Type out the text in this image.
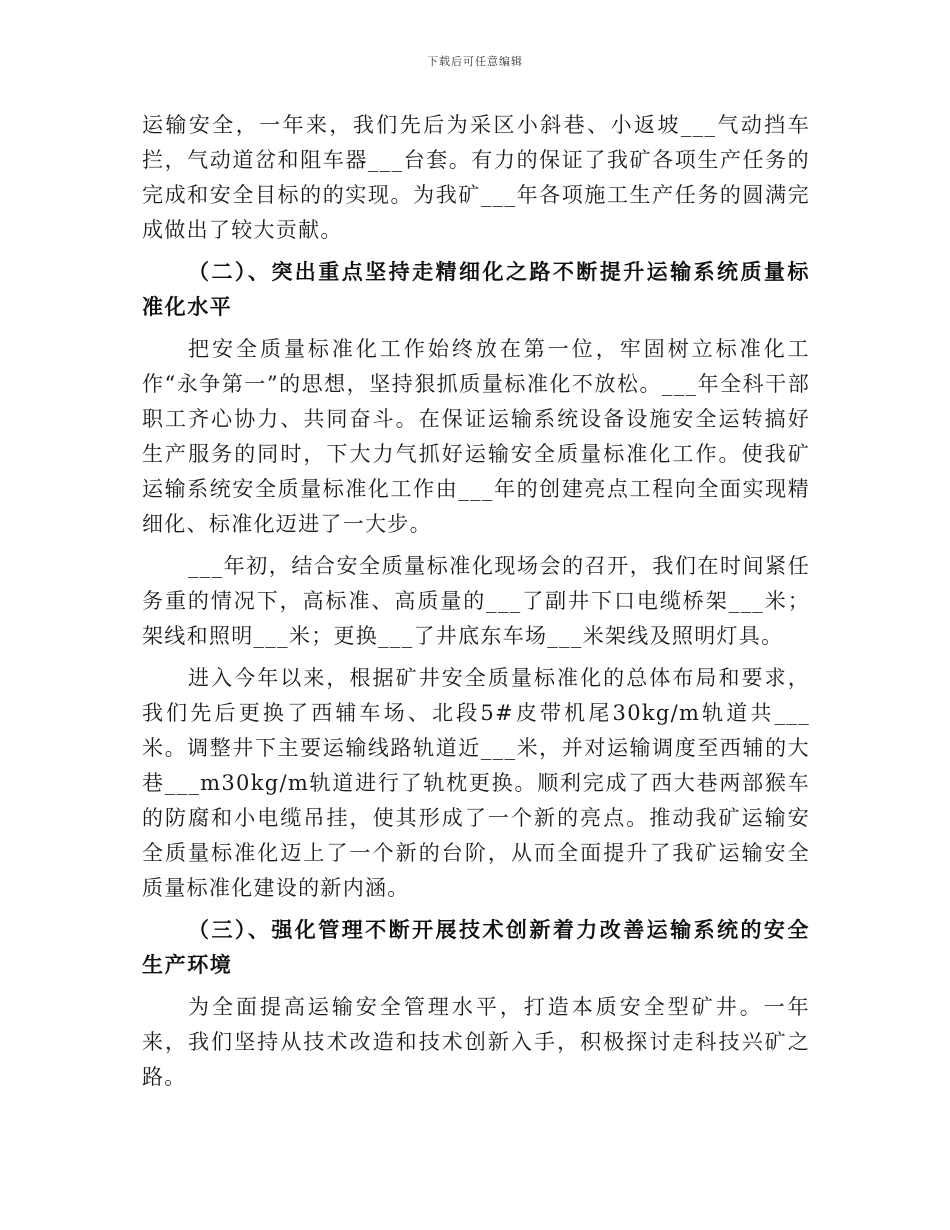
下载后可任意编辑

运输安全，一年来，我们先后为采区小斜巷、小返坡___气动挡车拦，气动道岔和阻车器___台套。有力的保证了我矿各项生产任务的完成和安全目标的的实现。为我矿___年各项施工生产任务的圆满完成做出了较大贡献。

（二）、突出重点坚持走精细化之路不断提升运输系统质量标准化水平

把安全质量标准化工作始终放在第一位，牢固树立标准化工作“永争第一”的思想，坚持狠抓质量标准化不放松。___年全科干部职工齐心协力、共同奋斗。在保证运输系统设备设施安全运转搞好生产服务的同时，下大力气抓好运输安全质量标准化工作。使我矿运输系统安全质量标准化工作由___年的创建亮点工程向全面实现精细化、标准化迈进了一大步。

___年初，结合安全质量标准化现场会的召开，我们在时间紧任务重的情况下，高标准、高质量的___了副井下口电缆桥架___米；架线和照明___米；更换___了井底东车场___米架线及照明灯具。

进入今年以来，根据矿井安全质量标准化的总体布局和要求，我们先后更换了西辅车场、北段5#皮带机尾30kg/m轨道共___米。调整井下主要运输线路轨道近___米，并对运输调度至西辅的大巷___m30kg/m轨道进行了轨枕更换。顺利完成了西大巷两部猴车的防腐和小电缆吊挂，使其形成了一个新的亮点。推动我矿运输安全质量标准化迈上了一个新的台阶，从而全面提升了我矿运输安全质量标准化建设的新内涵。

（三）、强化管理不断开展技术创新着力改善运输系统的安全生产环境

为全面提高运输安全管理水平，打造本质安全型矿井。一年来，我们坚持从技术改造和技术创新入手，积极探讨走科技兴矿之路。
